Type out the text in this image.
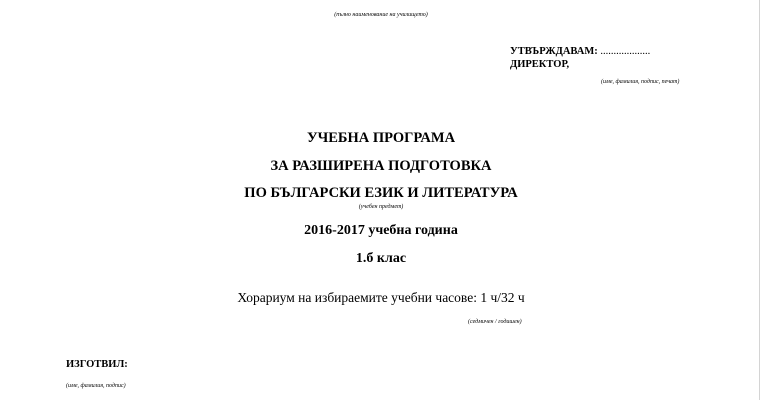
(пълно наименование на училището)
УТВЪРЖДАВАМ: ...................
ДИРЕКТОР,
(име, фамилия, подпис, печат)
УЧЕБНА ПРОГРАМА
ЗА РАЗШИРЕНА ПОДГОТОВКА
ПО БЪЛГАРСКИ ЕЗИК И ЛИТЕРАТУРА
(учебен предмет)
2016-2017 учебна година
1.б клас
Хорариум на избираемите учебни часове: 1 ч/32 ч
(седмичен / годишен)
ИЗГОТВИЛ:
(име, фамилия, подпис)
